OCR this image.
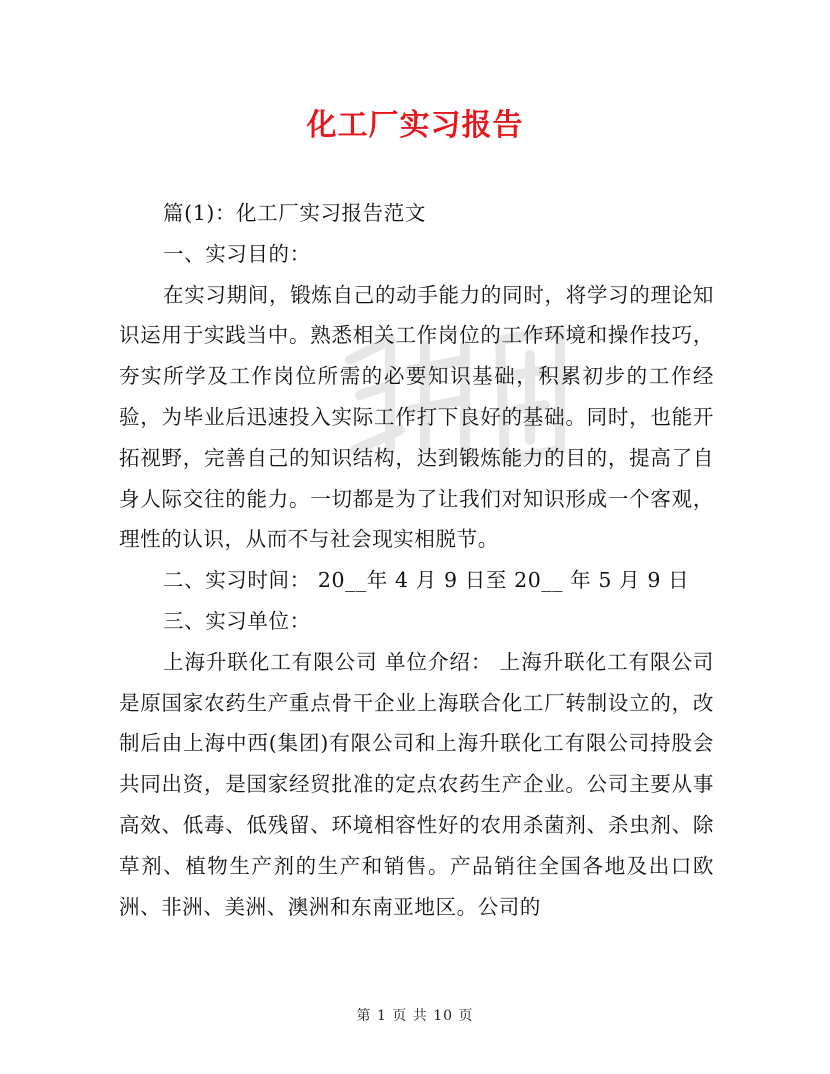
化工厂实习报告

篇(1)：化工厂实习报告范文

一、实习目的：

在实习期间，锻炼自己的动手能力的同时，将学习的理论知识运用于实践当中。熟悉相关工作岗位的工作环境和操作技巧，夯实所学及工作岗位所需的必要知识基础，积累初步的工作经验，为毕业后迅速投入实际工作打下良好的基础。同时，也能开拓视野，完善自己的知识结构，达到锻炼能力的目的，提高了自身人际交往的能力。一切都是为了让我们对知识形成一个客观，理性的认识，从而不与社会现实相脱节。

二、实习时间： 20__年 4 月 9 日至 20__ 年 5 月 9 日

三、实习单位：

上海升联化工有限公司 单位介绍： 上海升联化工有限公司是原国家农药生产重点骨干企业上海联合化工厂转制设立的，改制后由上海中西(集团)有限公司和上海升联化工有限公司持股会共同出资，是国家经贸批准的定点农药生产企业。公司主要从事高效、低毒、低残留、环境相容性好的农用杀菌剂、杀虫剂、除草剂、植物生产剂的生产和销售。产品销往全国各地及出口欧洲、非洲、美洲、澳洲和东南亚地区。公司的

第 1 页 共 10 页
